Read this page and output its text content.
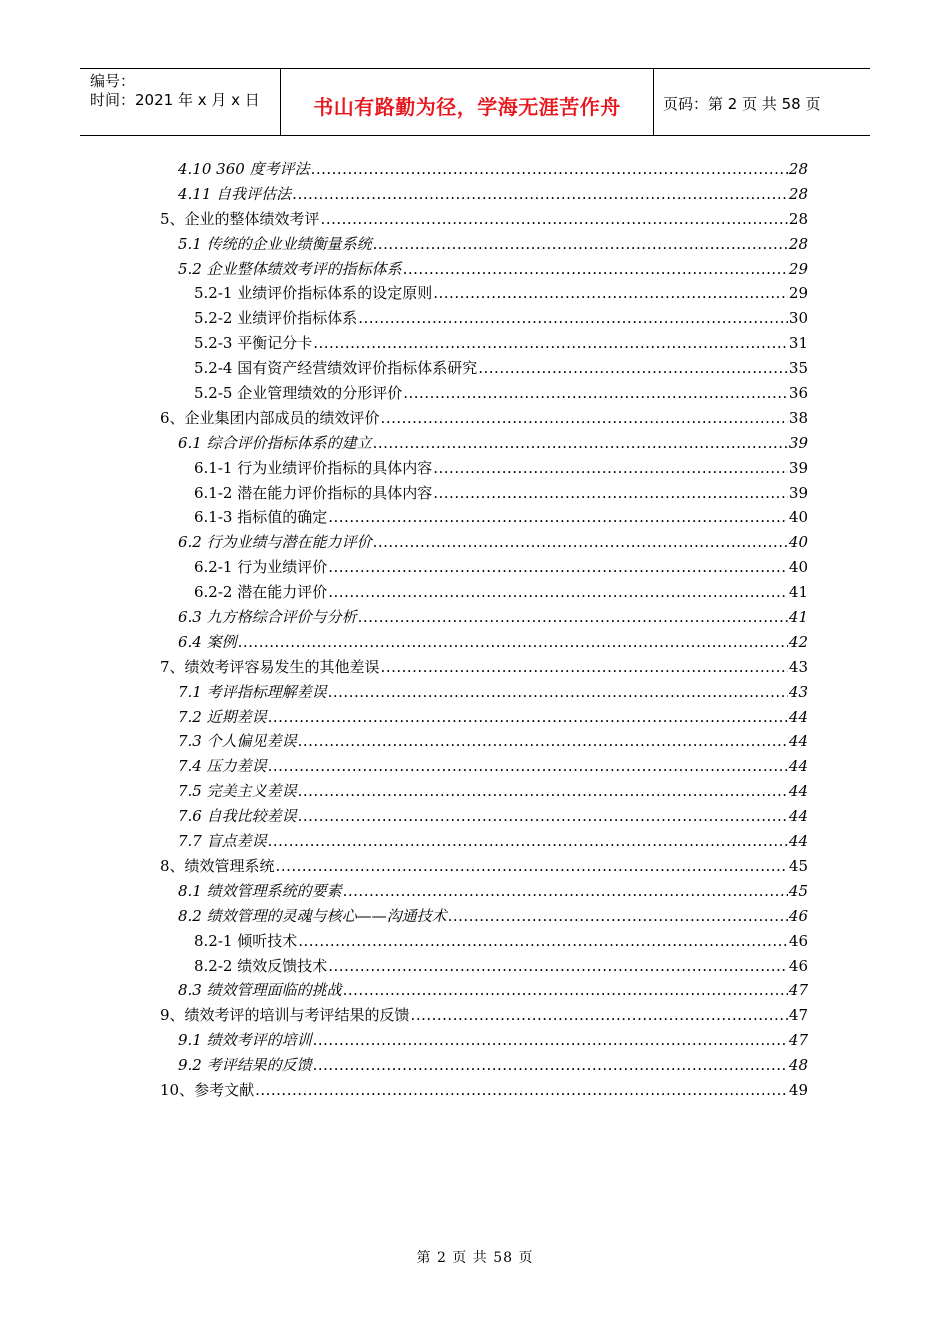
编号：
时间：2021 年 x 月 x 日	书山有路勤为径，学海无涯苦作舟	页码：第 2 页 共 58 页
4.10 360 度考评法 .....	28
4.11 自我评估法 .....	28
5、企业的整体绩效考评 .....	28
5.1 传统的企业业绩衡量系统 .....	28
5.2 企业整体绩效考评的指标体系 .....	29
5.2-1 业绩评价指标体系的设定原则 .....	29
5.2-2 业绩评价指标体系 .....	30
5.2-3 平衡记分卡 .....	31
5.2-4 国有资产经营绩效评价指标体系研究 .....	35
5.2-5 企业管理绩效的分形评价 .....	36
6、企业集团内部成员的绩效评价 .....	38
6.1 综合评价指标体系的建立 .....	39
6.1-1 行为业绩评价指标的具体内容 .....	39
6.1-2 潜在能力评价指标的具体内容 .....	39
6.1-3 指标值的确定 .....	40
6.2 行为业绩与潜在能力评价 .....	40
6.2-1 行为业绩评价 .....	40
6.2-2 潜在能力评价 .....	41
6.3 九方格综合评价与分析 .....	41
6.4 案例 .....	42
7、绩效考评容易发生的其他差误 .....	43
7.1 考评指标理解差误 .....	43
7.2 近期差误 .....	44
7.3 个人偏见差误 .....	44
7.4 压力差误 .....	44
7.5 完美主义差误 .....	44
7.6 自我比较差误 .....	44
7.7 盲点差误 .....	44
8、绩效管理系统 .....	45
8.1 绩效管理系统的要素 .....	45
8.2 绩效管理的灵魂与核心——沟通技术 .....	46
8.2-1 倾听技术 .....	46
8.2-2 绩效反馈技术 .....	46
8.3 绩效管理面临的挑战 .....	47
9、绩效考评的培训与考评结果的反馈 .....	47
9.1 绩效考评的培训 .....	47
9.2 考评结果的反馈 .....	48
10、参考文献 .....	49
第 2 页 共 58 页
